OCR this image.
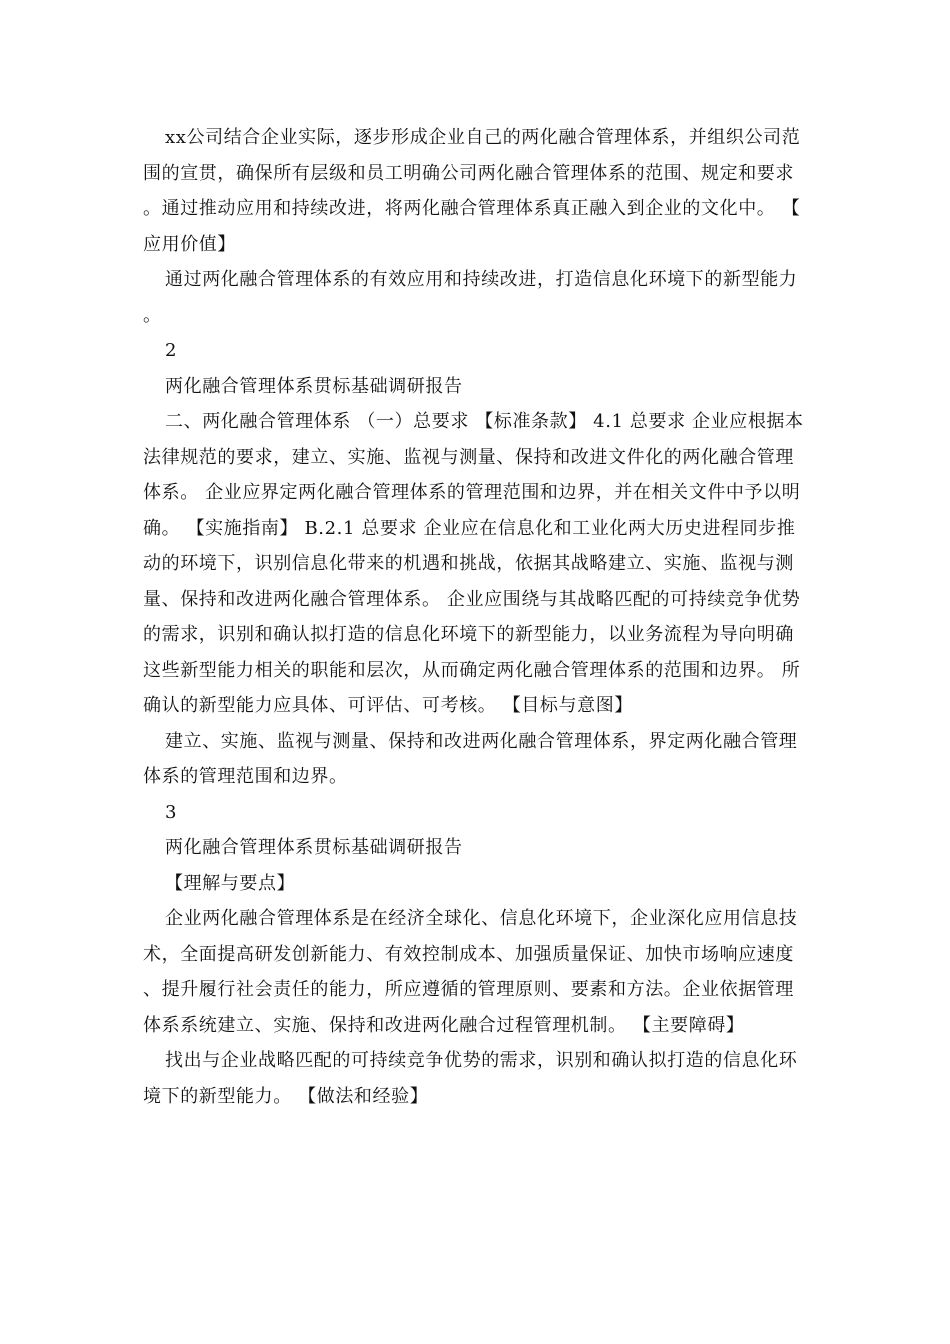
xx公司结合企业实际，逐步形成企业自己的两化融合管理体系，并组织公司范围的宣贯，确保所有层级和员工明确公司两化融合管理体系的范围、规定和要求。通过推动应用和持续改进，将两化融合管理体系真正融入到企业的文化中。 【应用价值】

通过两化融合管理体系的有效应用和持续改进，打造信息化环境下的新型能力。

2

两化融合管理体系贯标基础调研报告

二、两化融合管理体系 （一）总要求 【标准条款】 4.1 总要求 企业应根据本法律规范的要求，建立、实施、监视与测量、保持和改进文件化的两化融合管理体系。 企业应界定两化融合管理体系的管理范围和边界，并在相关文件中予以明确。 【实施指南】 B.2.1 总要求 企业应在信息化和工业化两大历史进程同步推动的环境下，识别信息化带来的机遇和挑战，依据其战略建立、实施、监视与测量、保持和改进两化融合管理体系。 企业应围绕与其战略匹配的可持续竞争优势的需求，识别和确认拟打造的信息化环境下的新型能力，以业务流程为导向明确这些新型能力相关的职能和层次，从而确定两化融合管理体系的范围和边界。 所确认的新型能力应具体、可评估、可考核。 【目标与意图】

建立、实施、监视与测量、保持和改进两化融合管理体系，界定两化融合管理体系的管理范围和边界。

3

两化融合管理体系贯标基础调研报告

【理解与要点】

企业两化融合管理体系是在经济全球化、信息化环境下，企业深化应用信息技术，全面提高研发创新能力、有效控制成本、加强质量保证、加快市场响应速度、提升履行社会责任的能力，所应遵循的管理原则、要素和方法。企业依据管理体系系统建立、实施、保持和改进两化融合过程管理机制。 【主要障碍】

找出与企业战略匹配的可持续竞争优势的需求，识别和确认拟打造的信息化环境下的新型能力。 【做法和经验】
